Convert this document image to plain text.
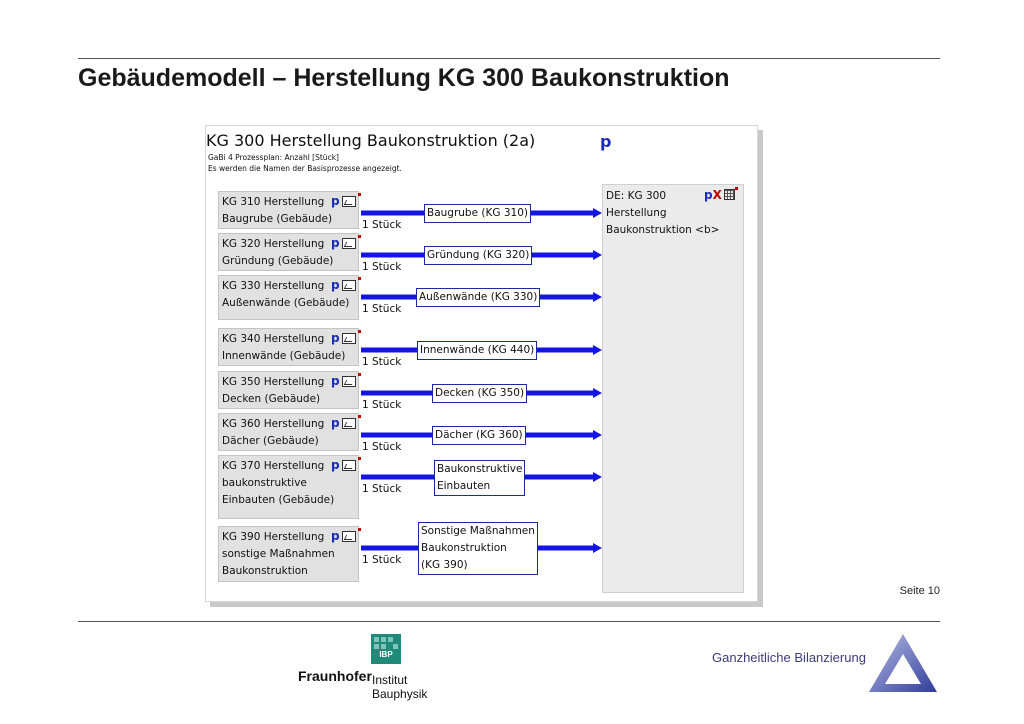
Gebäudemodell – Herstellung KG 300 Baukonstruktion
KG 300 Herstellung Baukonstruktion (2a)	p
GaBi 4 Prozessplan: Anzahl [Stück]
Es werden die Namen der Basisprozesse angezeigt.
KG 310 Herstellung
Baugrube (Gebäude)
p
KG 320 Herstellung
Gründung (Gebäude)
p
KG 330 Herstellung
Außenwände (Gebäude)
p
KG 340 Herstellung
Innenwände (Gebäude)
p
KG 350 Herstellung
Decken (Gebäude)
p
KG 360 Herstellung
Dächer (Gebäude)
p
KG 370 Herstellung
baukonstruktive
Einbauten (Gebäude)
p
KG 390 Herstellung
sonstige Maßnahmen
Baukonstruktion
p
DE: KG 300
Herstellung
Baukonstruktion <b>
pX
Baugrube (KG 310)
1 Stück
Gründung (KG 320)
1 Stück
Außenwände (KG 330)
1 Stück
Innenwände (KG 440)
1 Stück
Decken (KG 350)
1 Stück
Dächer (KG 360)
1 Stück
Baukonstruktive
Einbauten
1 Stück
Sonstige Maßnahmen
Baukonstruktion
(KG 390)
1 Stück
Seite 10
IBP
Fraunhofer Institut
Bauphysik
Ganzheitliche Bilanzierung
